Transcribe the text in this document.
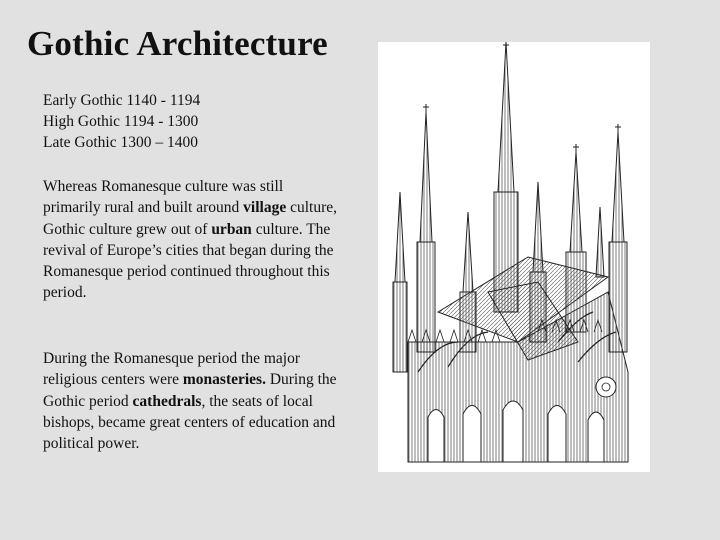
Gothic Architecture
Early Gothic 1140 - 1194
High Gothic 1194 - 1300
Late Gothic 1300 – 1400
Whereas Romanesque culture was still primarily rural and built around village culture, Gothic culture grew out of urban culture. The revival of Europe’s cities that began during the Romanesque period continued throughout this period.
During the Romanesque period the major religious centers were monasteries. During the Gothic period cathedrals, the seats of local bishops, became great centers of education and political power.
